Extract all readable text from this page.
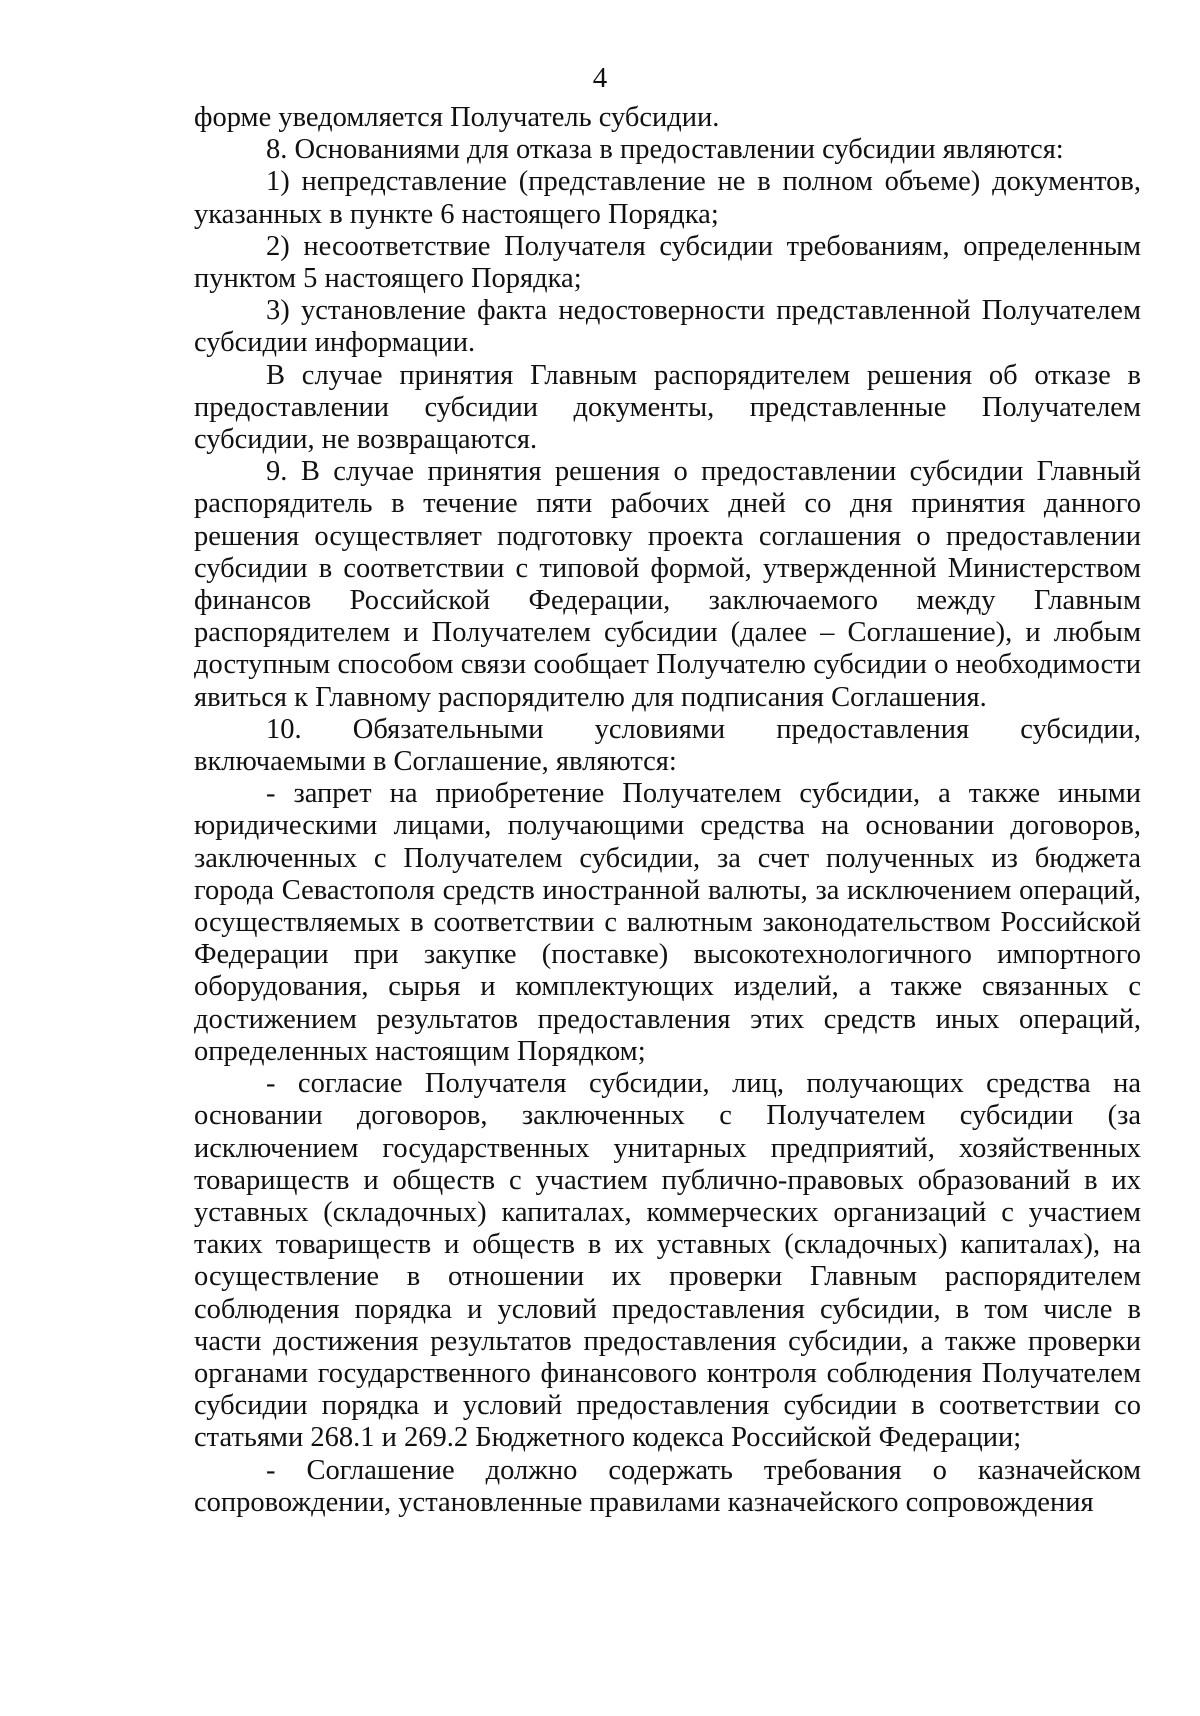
4

форме уведомляется Получатель субсидии.

8. Основаниями для отказа в предоставлении субсидии являются:

1) непредставление (представление не в полном объеме) документов, указанных в пункте 6 настоящего Порядка;

2) несоответствие Получателя субсидии требованиям, определенным пунктом 5 настоящего Порядка;

3) установление факта недостоверности представленной Получателем субсидии информации.

В случае принятия Главным распорядителем решения об отказе в предоставлении субсидии документы, представленные Получателем субсидии, не возвращаются.

9. В случае принятия решения о предоставлении субсидии Главный распорядитель в течение пяти рабочих дней со дня принятия данного решения осуществляет подготовку проекта соглашения о предоставлении субсидии в соответствии с типовой формой, утвержденной Министерством финансов Российской Федерации, заключаемого между Главным распорядителем и Получателем субсидии (далее – Соглашение), и любым доступным способом связи сообщает Получателю субсидии о необходимости явиться к Главному распорядителю для подписания Соглашения.

10. Обязательными условиями предоставления субсидии, включаемыми в Соглашение, являются:

- запрет на приобретение Получателем субсидии, а также иными юридическими лицами, получающими средства на основании договоров, заключенных с Получателем субсидии, за счет полученных из бюджета города Севастополя средств иностранной валюты, за исключением операций, осуществляемых в соответствии с валютным законодательством Российской Федерации при закупке (поставке) высокотехнологичного импортного оборудования, сырья и комплектующих изделий, а также связанных с достижением результатов предоставления этих средств иных операций, определенных настоящим Порядком;

- согласие Получателя субсидии, лиц, получающих средства на основании договоров, заключенных с Получателем субсидии (за исключением государственных унитарных предприятий, хозяйственных товариществ и обществ с участием публично-правовых образований в их уставных (складочных) капиталах, коммерческих организаций с участием таких товариществ и обществ в их уставных (складочных) капиталах), на осуществление в отношении их проверки Главным распорядителем соблюдения порядка и условий предоставления субсидии, в том числе в части достижения результатов предоставления субсидии, а также проверки органами государственного финансового контроля соблюдения Получателем субсидии порядка и условий предоставления субсидии в соответствии со статьями 268.1 и 269.2 Бюджетного кодекса Российской Федерации;

- Соглашение должно содержать требования о казначейском сопровождении, установленные правилами казначейского сопровождения
